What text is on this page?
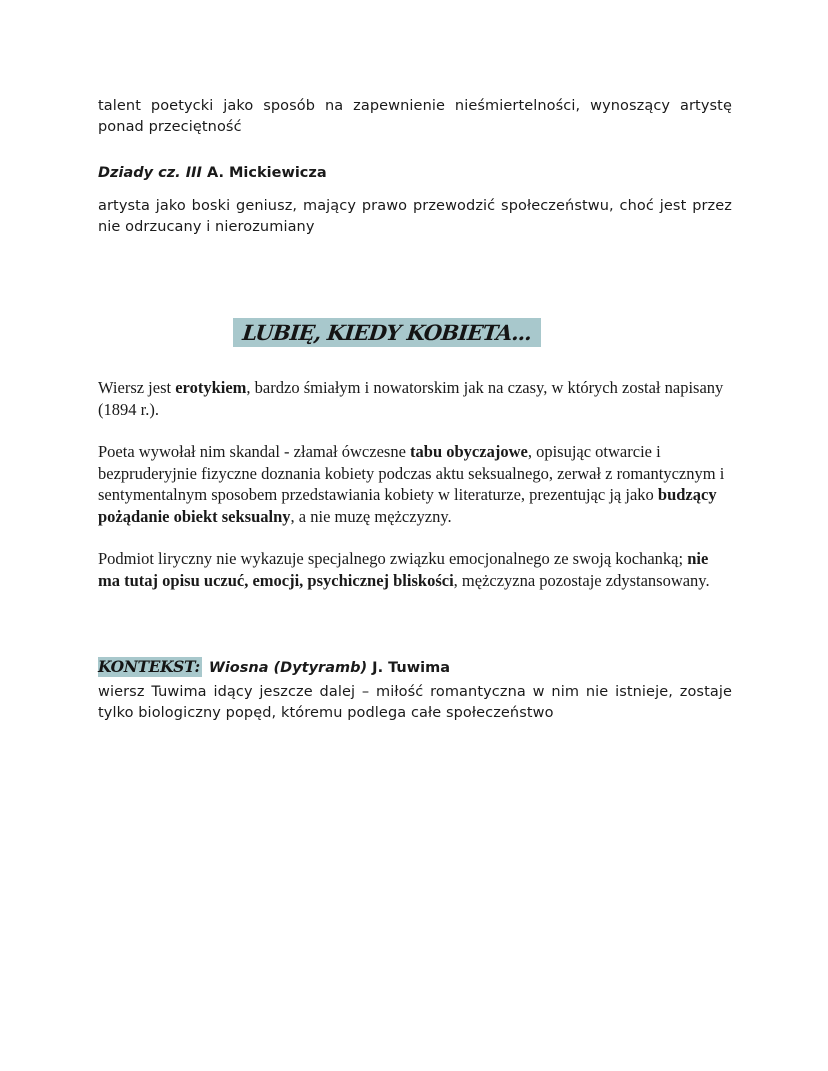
talent poetycki jako sposób na zapewnienie nieśmiertelności, wynoszący artystę ponad przeciętność

Dziady cz. III A. Mickiewicza

artysta jako boski geniusz, mający prawo przewodzić społeczeństwu, choć jest przez nie odrzucany i nierozumiany

LUBIĘ, KIEDY KOBIETA...

Wiersz jest erotykiem, bardzo śmiałym i nowatorskim jak na czasy, w których został napisany (1894 r.).

Poeta wywołał nim skandal - złamał ówczesne tabu obyczajowe, opisując otwarcie i bezpruderyjnie fizyczne doznania kobiety podczas aktu seksualnego, zerwał z romantycznym i sentymentalnym sposobem przedstawiania kobiety w literaturze, prezentując ją jako budzący pożądanie obiekt seksualny, a nie muzę mężczyzny.

Podmiot liryczny nie wykazuje specjalnego związku emocjonalnego ze swoją kochanką; nie ma tutaj opisu uczuć, emocji, psychicznej bliskości, mężczyzna pozostaje zdystansowany.

KONTEKST: Wiosna (Dytyramb) J. Tuwima

wiersz Tuwima idący jeszcze dalej – miłość romantyczna w nim nie istnieje, zostaje tylko biologiczny popęd, któremu podlega całe społeczeństwo
